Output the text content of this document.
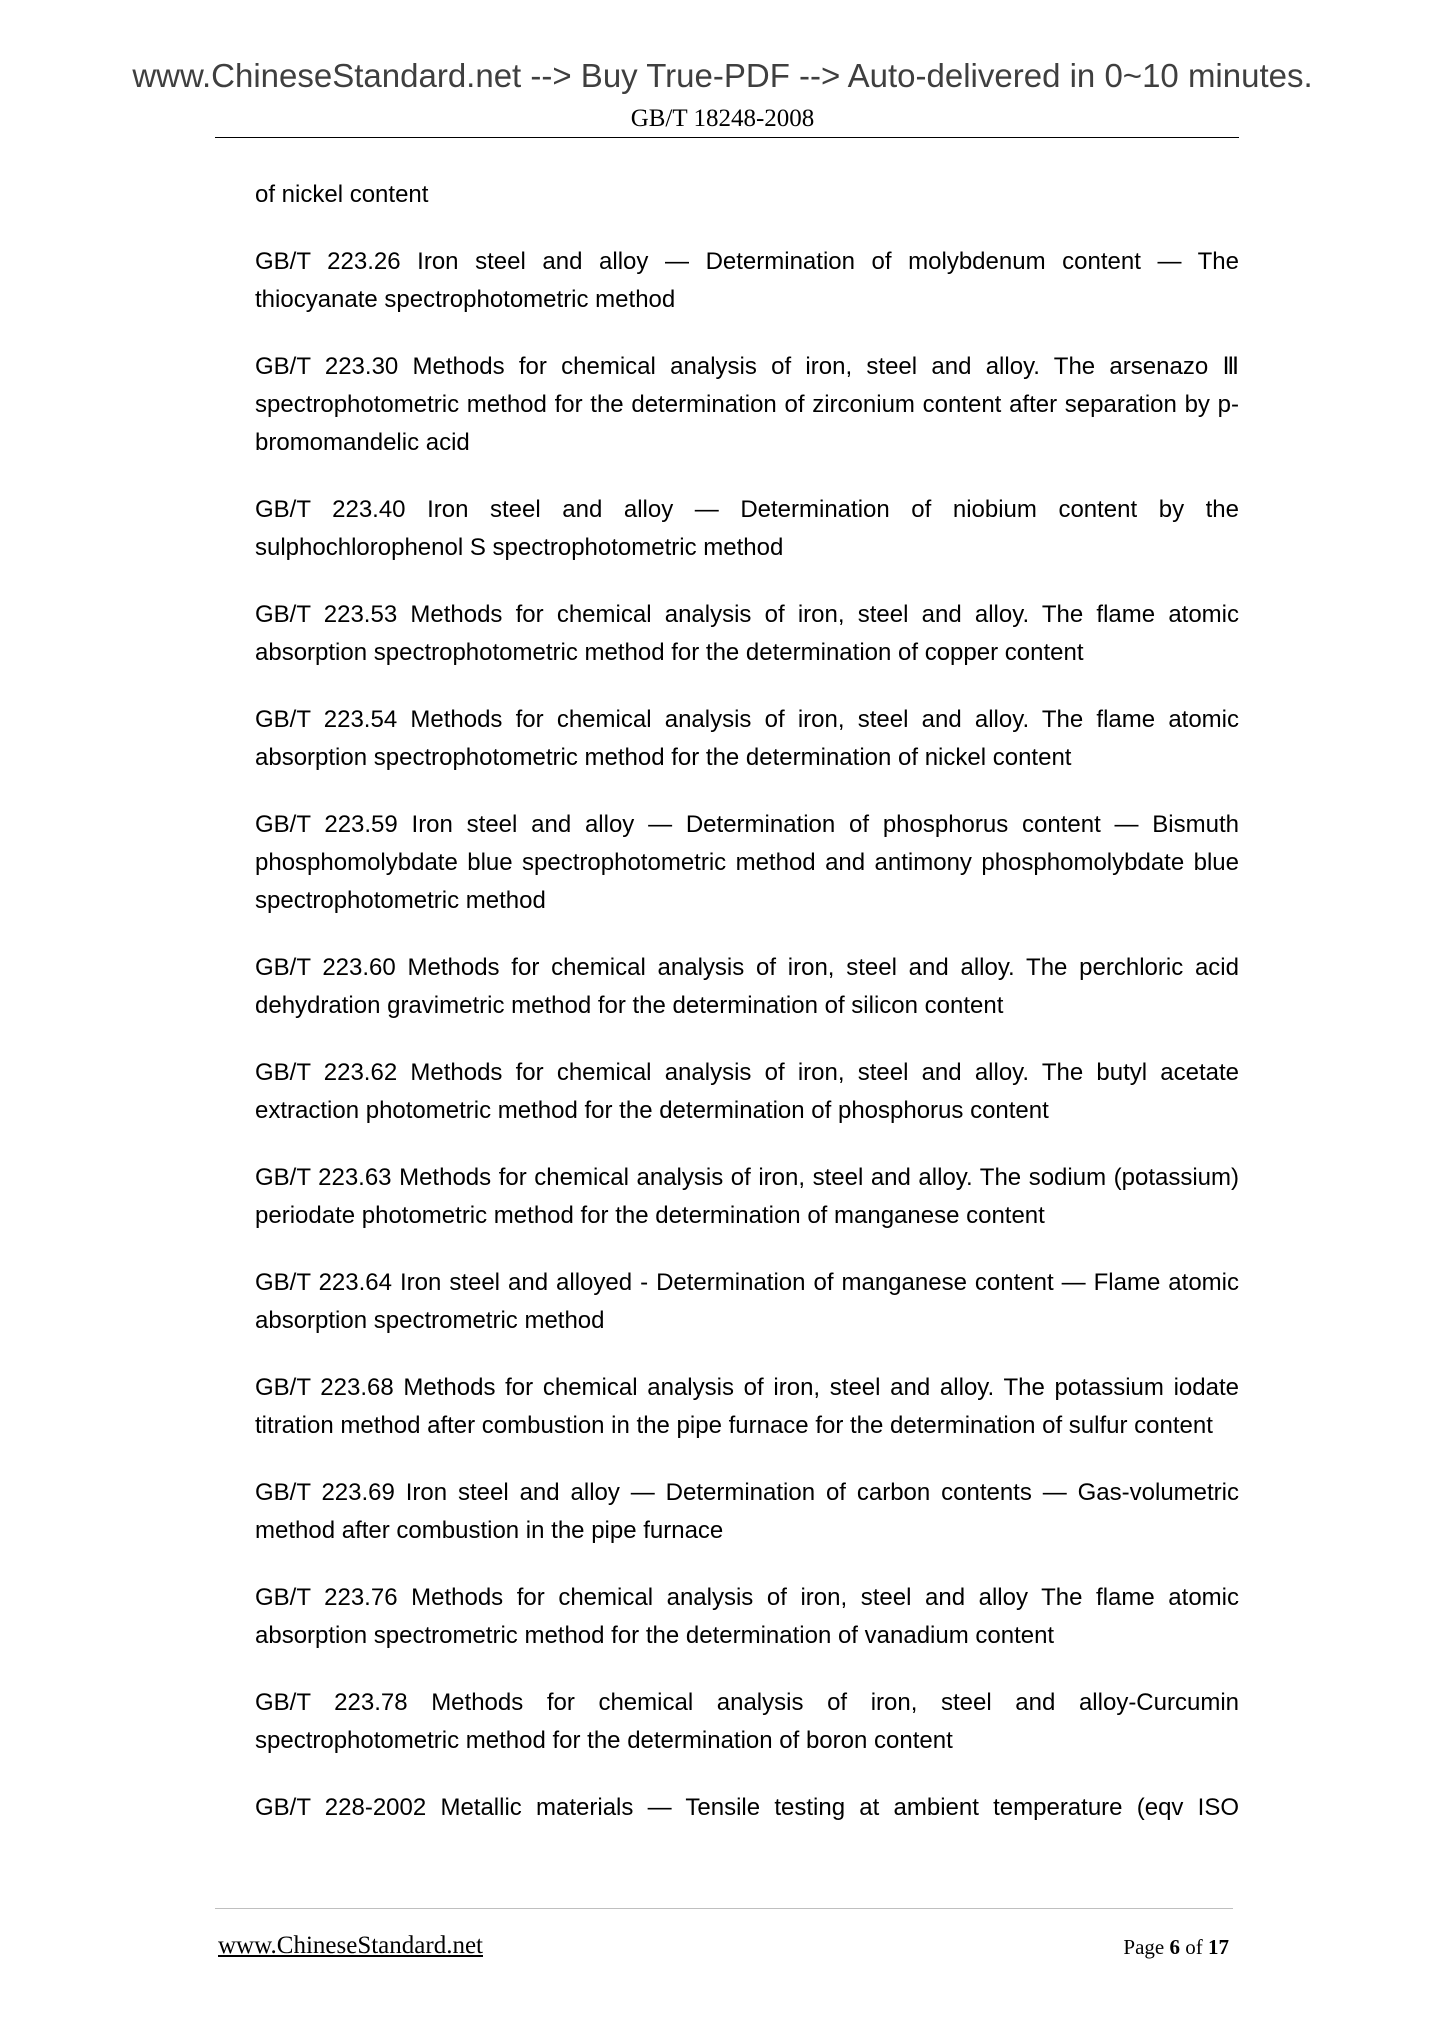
www.ChineseStandard.net --> Buy True-PDF --> Auto-delivered in 0~10 minutes.
GB/T 18248-2008

of nickel content

GB/T 223.26 Iron steel and alloy — Determination of molybdenum content — The thiocyanate spectrophotometric method

GB/T 223.30 Methods for chemical analysis of iron, steel and alloy. The arsenazo Ⅲ spectrophotometric method for the determination of zirconium content after separation by p-bromomandelic acid

GB/T 223.40 Iron steel and alloy — Determination of niobium content by the sulphochlorophenol S spectrophotometric method

GB/T 223.53 Methods for chemical analysis of iron, steel and alloy. The flame atomic absorption spectrophotometric method for the determination of copper content

GB/T 223.54 Methods for chemical analysis of iron, steel and alloy. The flame atomic absorption spectrophotometric method for the determination of nickel content

GB/T 223.59 Iron steel and alloy — Determination of phosphorus content — Bismuth phosphomolybdate blue spectrophotometric method and antimony phosphomolybdate blue spectrophotometric method

GB/T 223.60 Methods for chemical analysis of iron, steel and alloy. The perchloric acid dehydration gravimetric method for the determination of silicon content

GB/T 223.62 Methods for chemical analysis of iron, steel and alloy. The butyl acetate extraction photometric method for the determination of phosphorus content

GB/T 223.63 Methods for chemical analysis of iron, steel and alloy. The sodium (potassium) periodate photometric method for the determination of manganese content

GB/T 223.64 Iron steel and alloyed - Determination of manganese content — Flame atomic absorption spectrometric method

GB/T 223.68 Methods for chemical analysis of iron, steel and alloy. The potassium iodate titration method after combustion in the pipe furnace for the determination of sulfur content

GB/T 223.69 Iron steel and alloy — Determination of carbon contents — Gas-volumetric method after combustion in the pipe furnace

GB/T 223.76 Methods for chemical analysis of iron, steel and alloy The flame atomic absorption spectrometric method for the determination of vanadium content

GB/T 223.78 Methods for chemical analysis of iron, steel and alloy-Curcumin spectrophotometric method for the determination of boron content

GB/T 228-2002 Metallic materials — Tensile testing at ambient temperature (eqv ISO

www.ChineseStandard.net	Page 6 of 17
